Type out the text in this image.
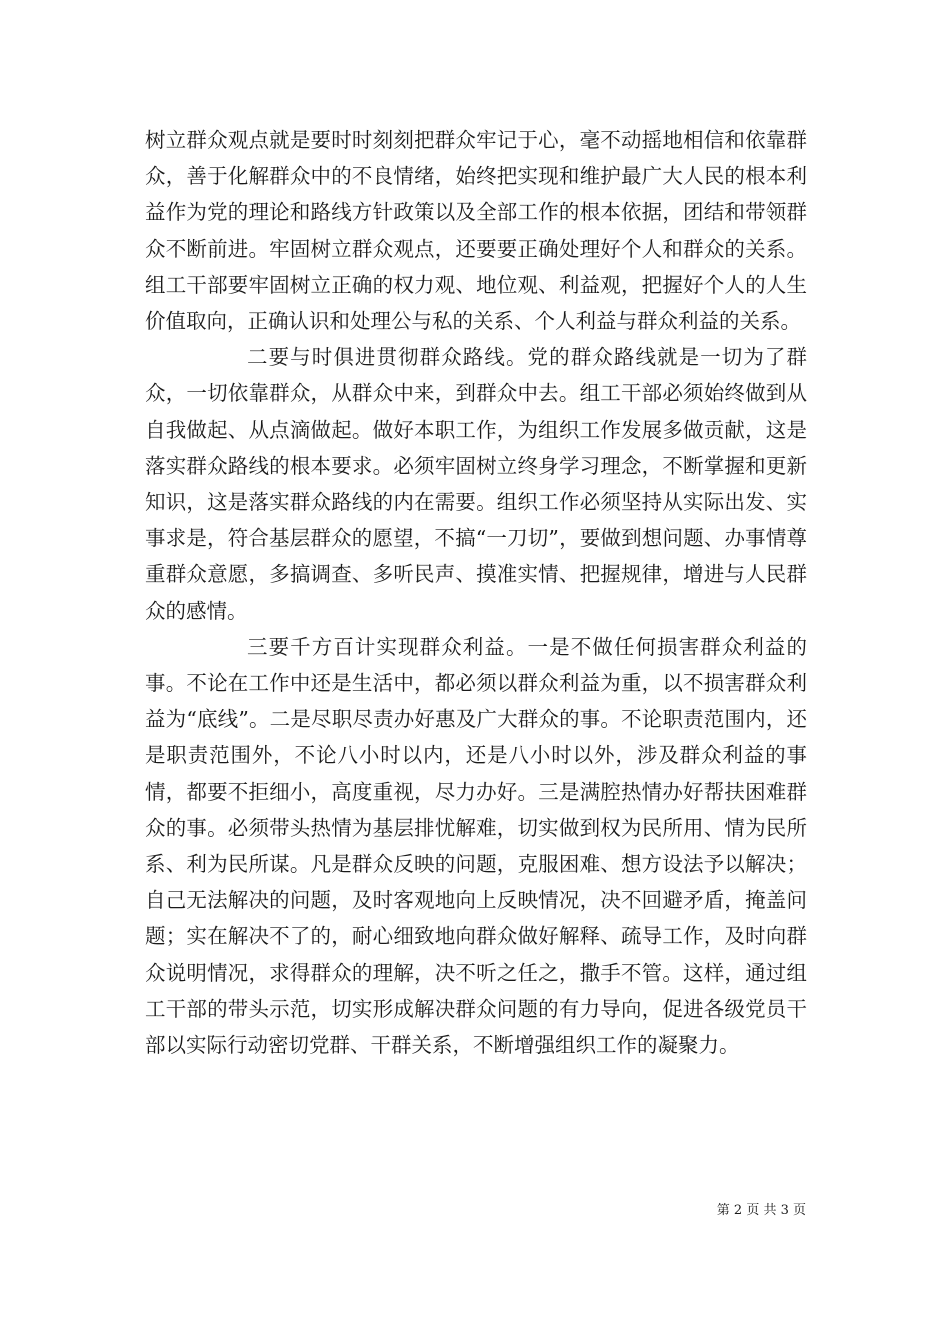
树立群众观点就是要时时刻刻把群众牢记于心，毫不动摇地相信和依靠群众，善于化解群众中的不良情绪，始终把实现和维护最广大人民的根本利益作为党的理论和路线方针政策以及全部工作的根本依据，团结和带领群众不断前进。牢固树立群众观点，还要要正确处理好个人和群众的关系。组工干部要牢固树立正确的权力观、地位观、利益观，把握好个人的人生价值取向，正确认识和处理公与私的关系、个人利益与群众利益的关系。

二要与时俱进贯彻群众路线。党的群众路线就是一切为了群众，一切依靠群众，从群众中来，到群众中去。组工干部必须始终做到从自我做起、从点滴做起。做好本职工作，为组织工作发展多做贡献，这是落实群众路线的根本要求。必须牢固树立终身学习理念，不断掌握和更新知识，这是落实群众路线的内在需要。组织工作必须坚持从实际出发、实事求是，符合基层群众的愿望，不搞“一刀切”，要做到想问题、办事情尊重群众意愿，多搞调查、多听民声、摸准实情、把握规律，增进与人民群众的感情。

三要千方百计实现群众利益。一是不做任何损害群众利益的事。不论在工作中还是生活中，都必须以群众利益为重，以不损害群众利益为“底线”。二是尽职尽责办好惠及广大群众的事。不论职责范围内，还是职责范围外，不论八小时以内，还是八小时以外，涉及群众利益的事情，都要不拒细小，高度重视，尽力办好。三是满腔热情办好帮扶困难群众的事。必须带头热情为基层排忧解难，切实做到权为民所用、情为民所系、利为民所谋。凡是群众反映的问题，克服困难、想方设法予以解决；自己无法解决的问题，及时客观地向上反映情况，决不回避矛盾，掩盖问题；实在解决不了的，耐心细致地向群众做好解释、疏导工作，及时向群众说明情况，求得群众的理解，决不听之任之，撒手不管。这样，通过组工干部的带头示范，切实形成解决群众问题的有力导向，促进各级党员干部以实际行动密切党群、干群关系，不断增强组织工作的凝聚力。

第 2 页 共 3 页
